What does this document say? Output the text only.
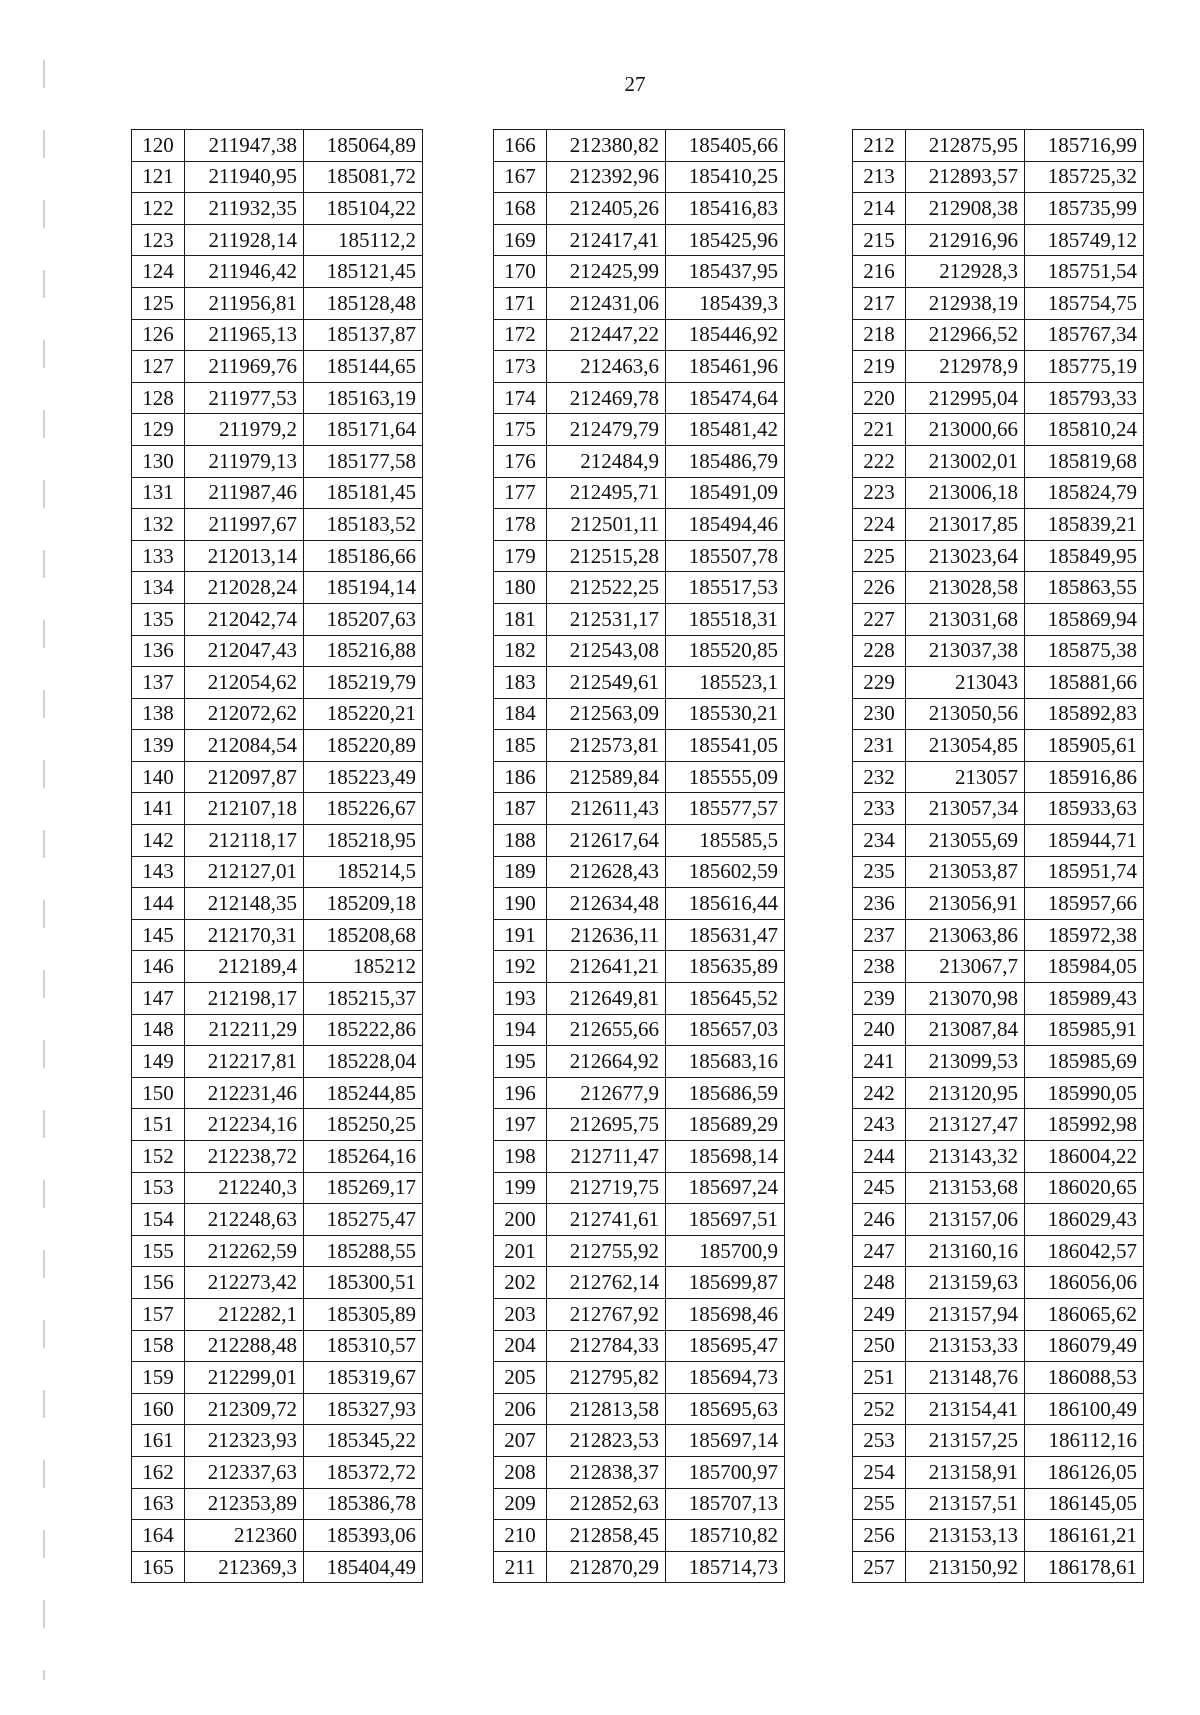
27
120	211947,38	185064,89
121	211940,95	185081,72
122	211932,35	185104,22
123	211928,14	185112,2
124	211946,42	185121,45
125	211956,81	185128,48
126	211965,13	185137,87
127	211969,76	185144,65
128	211977,53	185163,19
129	211979,2	185171,64
130	211979,13	185177,58
131	211987,46	185181,45
132	211997,67	185183,52
133	212013,14	185186,66
134	212028,24	185194,14
135	212042,74	185207,63
136	212047,43	185216,88
137	212054,62	185219,79
138	212072,62	185220,21
139	212084,54	185220,89
140	212097,87	185223,49
141	212107,18	185226,67
142	212118,17	185218,95
143	212127,01	185214,5
144	212148,35	185209,18
145	212170,31	185208,68
146	212189,4	185212
147	212198,17	185215,37
148	212211,29	185222,86
149	212217,81	185228,04
150	212231,46	185244,85
151	212234,16	185250,25
152	212238,72	185264,16
153	212240,3	185269,17
154	212248,63	185275,47
155	212262,59	185288,55
156	212273,42	185300,51
157	212282,1	185305,89
158	212288,48	185310,57
159	212299,01	185319,67
160	212309,72	185327,93
161	212323,93	185345,22
162	212337,63	185372,72
163	212353,89	185386,78
164	212360	185393,06
165	212369,3	185404,49
166	212380,82	185405,66
167	212392,96	185410,25
168	212405,26	185416,83
169	212417,41	185425,96
170	212425,99	185437,95
171	212431,06	185439,3
172	212447,22	185446,92
173	212463,6	185461,96
174	212469,78	185474,64
175	212479,79	185481,42
176	212484,9	185486,79
177	212495,71	185491,09
178	212501,11	185494,46
179	212515,28	185507,78
180	212522,25	185517,53
181	212531,17	185518,31
182	212543,08	185520,85
183	212549,61	185523,1
184	212563,09	185530,21
185	212573,81	185541,05
186	212589,84	185555,09
187	212611,43	185577,57
188	212617,64	185585,5
189	212628,43	185602,59
190	212634,48	185616,44
191	212636,11	185631,47
192	212641,21	185635,89
193	212649,81	185645,52
194	212655,66	185657,03
195	212664,92	185683,16
196	212677,9	185686,59
197	212695,75	185689,29
198	212711,47	185698,14
199	212719,75	185697,24
200	212741,61	185697,51
201	212755,92	185700,9
202	212762,14	185699,87
203	212767,92	185698,46
204	212784,33	185695,47
205	212795,82	185694,73
206	212813,58	185695,63
207	212823,53	185697,14
208	212838,37	185700,97
209	212852,63	185707,13
210	212858,45	185710,82
211	212870,29	185714,73
212	212875,95	185716,99
213	212893,57	185725,32
214	212908,38	185735,99
215	212916,96	185749,12
216	212928,3	185751,54
217	212938,19	185754,75
218	212966,52	185767,34
219	212978,9	185775,19
220	212995,04	185793,33
221	213000,66	185810,24
222	213002,01	185819,68
223	213006,18	185824,79
224	213017,85	185839,21
225	213023,64	185849,95
226	213028,58	185863,55
227	213031,68	185869,94
228	213037,38	185875,38
229	213043	185881,66
230	213050,56	185892,83
231	213054,85	185905,61
232	213057	185916,86
233	213057,34	185933,63
234	213055,69	185944,71
235	213053,87	185951,74
236	213056,91	185957,66
237	213063,86	185972,38
238	213067,7	185984,05
239	213070,98	185989,43
240	213087,84	185985,91
241	213099,53	185985,69
242	213120,95	185990,05
243	213127,47	185992,98
244	213143,32	186004,22
245	213153,68	186020,65
246	213157,06	186029,43
247	213160,16	186042,57
248	213159,63	186056,06
249	213157,94	186065,62
250	213153,33	186079,49
251	213148,76	186088,53
252	213154,41	186100,49
253	213157,25	186112,16
254	213158,91	186126,05
255	213157,51	186145,05
256	213153,13	186161,21
257	213150,92	186178,61
